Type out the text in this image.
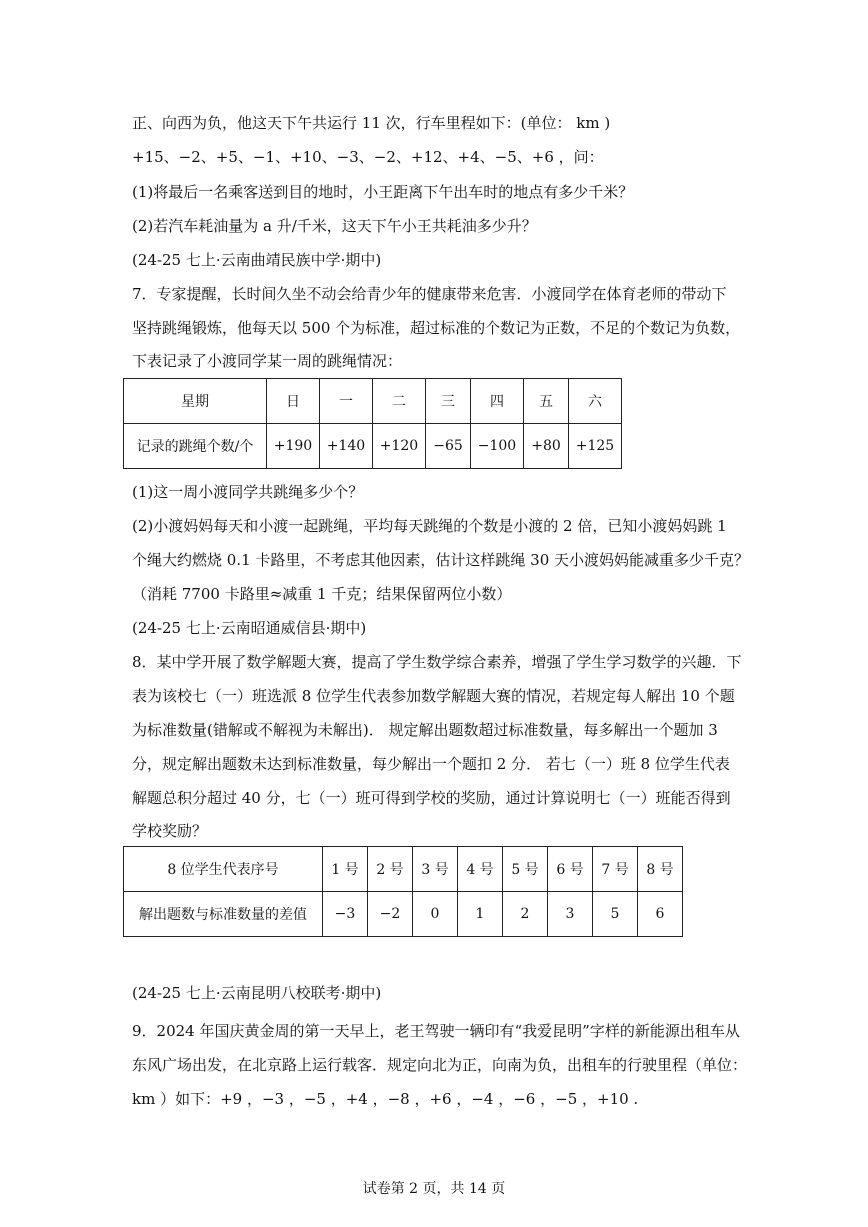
正、向西为负，他这天下午共运行 11 次，行车里程如下：(单位： km )
+15、−2、+5、−1、+10、−3、−2、+12、+4、−5、+6 ，问：
(1)将最后一名乘客送到目的地时，小王距离下午出车时的地点有多少千米？
(2)若汽车耗油量为 a 升/千米，这天下午小王共耗油多少升？
(24-25 七上·云南曲靖民族中学·期中)
7．专家提醒，长时间久坐不动会给青少年的健康带来危害．小渡同学在体育老师的带动下
坚持跳绳锻炼，他每天以 500 个为标准，超过标准的个数记为正数，不足的个数记为负数，
下表记录了小渡同学某一周的跳绳情况：
星期	日	一	二	三	四	五	六
记录的跳绳个数/个	+190	+140	+120	−65	−100	+80	+125
(1)这一周小渡同学共跳绳多少个？
(2)小渡妈妈每天和小渡一起跳绳，平均每天跳绳的个数是小渡的 2 倍，已知小渡妈妈跳 1
个绳大约燃烧 0.1 卡路里，不考虑其他因素，估计这样跳绳 30 天小渡妈妈能减重多少千克？
（消耗 7700 卡路里≈减重 1 千克；结果保留两位小数）
(24-25 七上·云南昭通威信县·期中)
8．某中学开展了数学解题大赛，提高了学生数学综合素养，增强了学生学习数学的兴趣．下
表为该校七（一）班选派 8 位学生代表参加数学解题大赛的情况，若规定每人解出 10 个题
为标准数量(错解或不解视为未解出)． 规定解出题数超过标准数量，每多解出一个题加 3
分，规定解出题数未达到标准数量，每少解出一个题扣 2 分． 若七（一）班 8 位学生代表
解题总积分超过 40 分，七（一）班可得到学校的奖励，通过计算说明七（一）班能否得到
学校奖励？
8 位学生代表序号	1 号	2 号	3 号	4 号	5 号	6 号	7 号	8 号
解出题数与标准数量的差值	−3	−2	0	1	2	3	5	6
(24-25 七上·云南昆明八校联考·期中)
9．2024 年国庆黄金周的第一天早上，老王驾驶一辆印有“我爱昆明”字样的新能源出租车从
东风广场出发，在北京路上运行载客．规定向北为正，向南为负，出租车的行驶里程（单位：
km ）如下：+9 ，−3 ，−5 ，+4 ，−8 ，+6 ，−4 ，−6 ，−5 ，+10 .
试卷第 2 页，共 14 页
